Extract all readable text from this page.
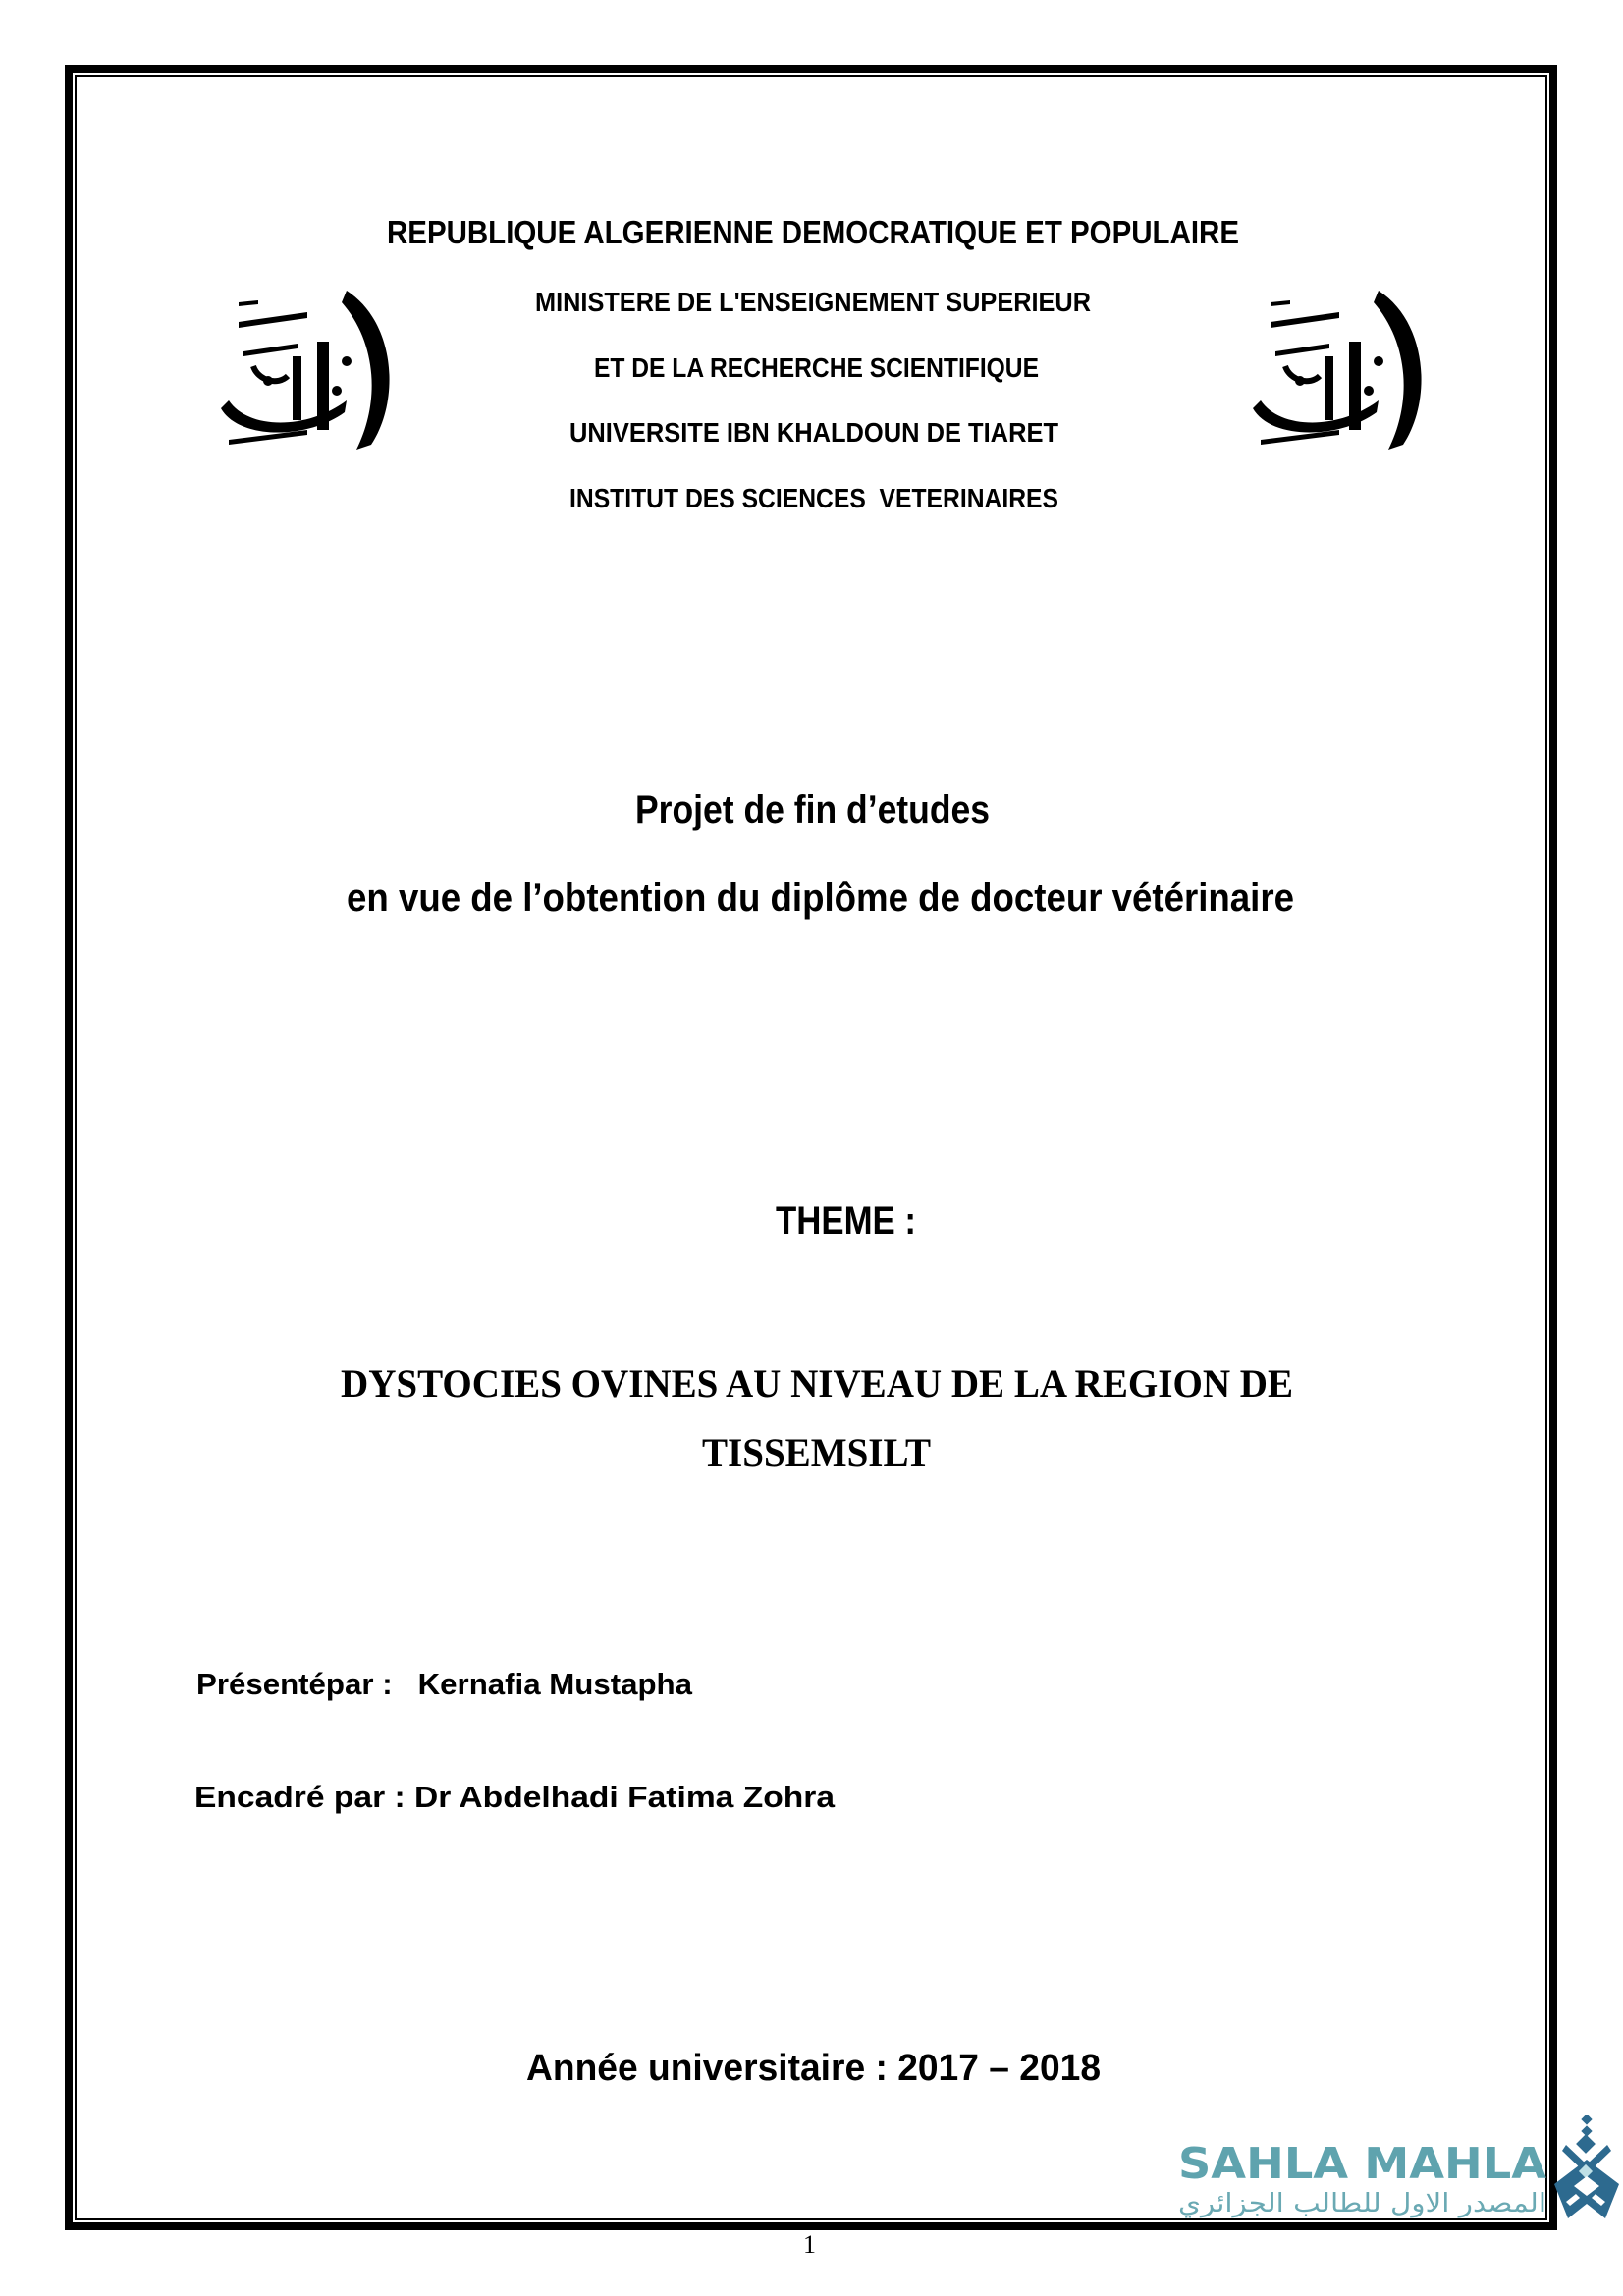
REPUBLIQUE ALGERIENNE DEMOCRATIQUE ET POPULAIRE
MINISTERE DE L'ENSEIGNEMENT SUPERIEUR
ET DE LA RECHERCHE SCIENTIFIQUE
UNIVERSITE IBN KHALDOUN DE TIARET
INSTITUT DES SCIENCES  VETERINAIRES
Projet de fin d’etudes
en vue de l’obtention du diplôme de docteur vétérinaire
THEME :
DYSTOCIES OVINES AU NIVEAU DE LA REGION DE
TISSEMSILT
Présentépar :   Kernafia Mustapha
Encadré par : Dr Abdelhadi Fatima Zohra
Année universitaire : 2017 – 2018
1
SAHLA MAHLA
المصدر الاول للطالب الجزائري
